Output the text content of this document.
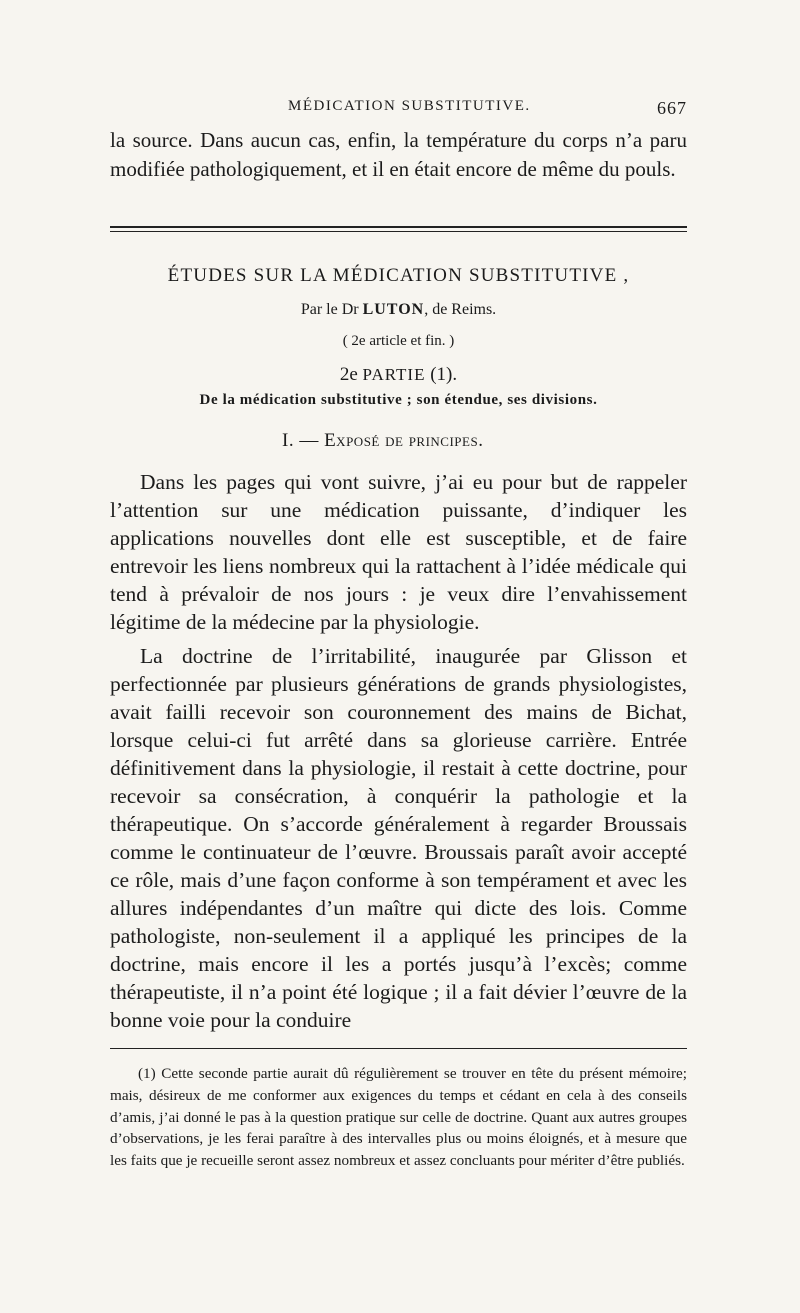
MÉDICATION SUBSTITUTIVE.	667

la source. Dans aucun cas, enfin, la température du corps n’a paru modifiée pathologiquement, et il en était encore de même du pouls.

ÉTUDES SUR LA MÉDICATION SUBSTITUTIVE ,
Par le Dr LUTON, de Reims.
( 2e article et fin. )
2e PARTIE (1).
De la médication substitutive ; son étendue, ses divisions.
I. — Exposé de principes.

Dans les pages qui vont suivre, j’ai eu pour but de rappeler l’attention sur une médication puissante, d’indiquer les applications nouvelles dont elle est susceptible, et de faire entrevoir les liens nombreux qui la rattachent à l’idée médicale qui tend à prévaloir de nos jours : je veux dire l’envahissement légitime de la médecine par la physiologie.

La doctrine de l’irritabilité, inaugurée par Glisson et perfectionnée par plusieurs générations de grands physiologistes, avait failli recevoir son couronnement des mains de Bichat, lorsque celui-ci fut arrêté dans sa glorieuse carrière. Entrée définitivement dans la physiologie, il restait à cette doctrine, pour recevoir sa consécration, à conquérir la pathologie et la thérapeutique. On s’accorde généralement à regarder Broussais comme le continuateur de l’œuvre. Broussais paraît avoir accepté ce rôle, mais d’une façon conforme à son tempérament et avec les allures indépendantes d’un maître qui dicte des lois. Comme pathologiste, non-seulement il a appliqué les principes de la doctrine, mais encore il les a portés jusqu’à l’excès; comme thérapeutiste, il n’a point été logique ; il a fait dévier l’œuvre de la bonne voie pour la conduire

(1) Cette seconde partie aurait dû régulièrement se trouver en tête du présent mémoire; mais, désireux de me conformer aux exigences du temps et cédant en cela à des conseils d’amis, j’ai donné le pas à la question pratique sur celle de doctrine. Quant aux autres groupes d’observations, je les ferai paraître à des intervalles plus ou moins éloignés, et à mesure que les faits que je recueille seront assez nombreux et assez concluants pour mériter d’être publiés.
